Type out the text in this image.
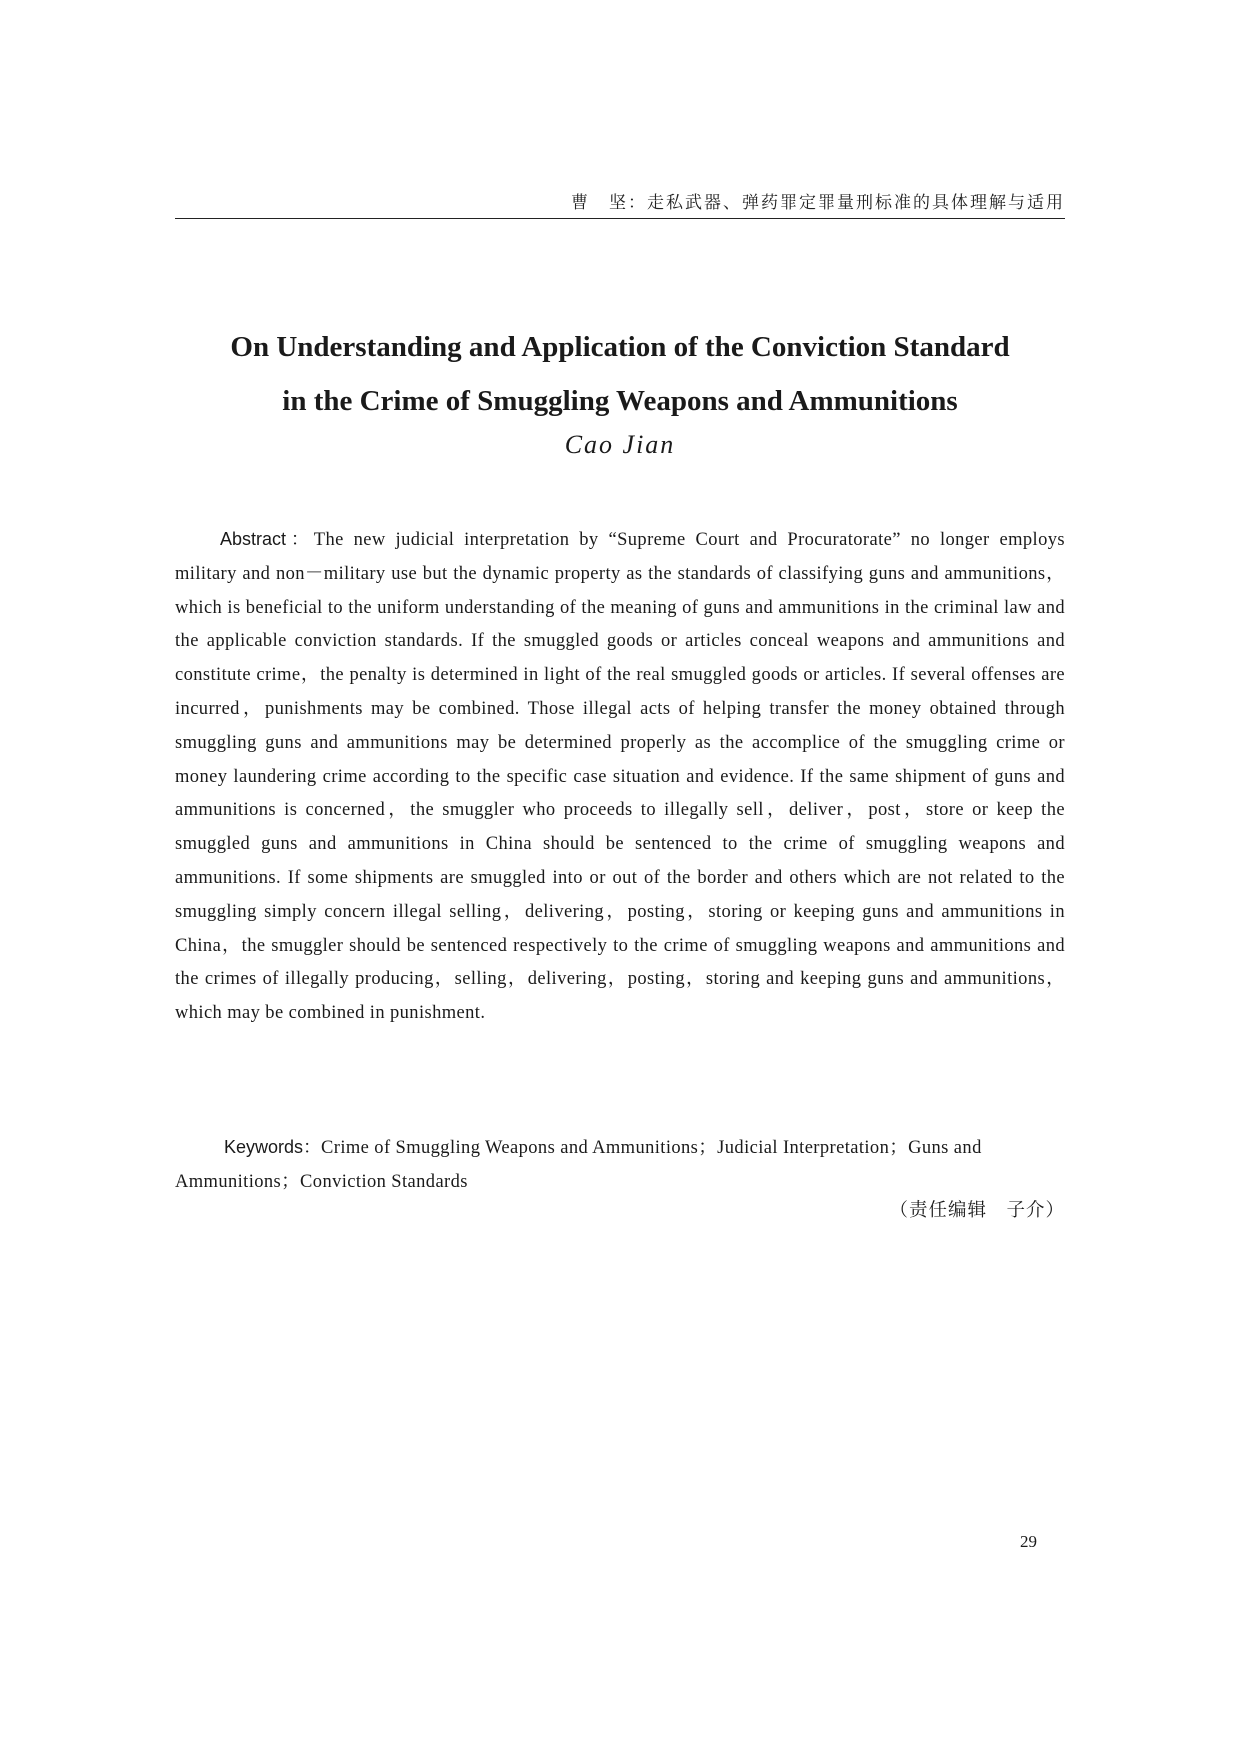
曹　坚：走私武器、弹药罪定罪量刑标准的具体理解与适用
On Understanding and Application of the Conviction Standard
in the Crime of Smuggling Weapons and Ammunitions
Cao Jian

Abstract：The new judicial interpretation by “Supreme Court and Procuratorate” no longer employs military and non－military use but the dynamic property as the standards of classifying guns and ammunitions，which is beneficial to the uniform understanding of the meaning of guns and ammunitions in the criminal law and the applicable conviction standards. If the smuggled goods or articles conceal weapons and ammunitions and constitute crime，the penalty is determined in light of the real smuggled goods or articles. If several offenses are incurred，punishments may be combined. Those illegal acts of helping transfer the money obtained through smuggling guns and ammunitions may be determined properly as the accomplice of the smuggling crime or money laundering crime according to the specific case situation and evidence. If the same shipment of guns and ammunitions is concerned，the smuggler who proceeds to illegally sell，deliver，post，store or keep the smuggled guns and ammunitions in China should be sentenced to the crime of smuggling weapons and ammunitions. If some shipments are smuggled into or out of the border and others which are not related to the smuggling simply concern illegal selling，delivering，posting，storing or keeping guns and ammunitions in China，the smuggler should be sentenced respectively to the crime of smuggling weapons and ammunitions and the crimes of illegally producing，selling，delivering，posting，storing and keeping guns and ammunitions，which may be combined in punishment.

Keywords：Crime of Smuggling Weapons and Ammunitions；Judicial Interpretation；Guns and Ammunitions；Conviction Standards

（责任编辑　子介）
29
